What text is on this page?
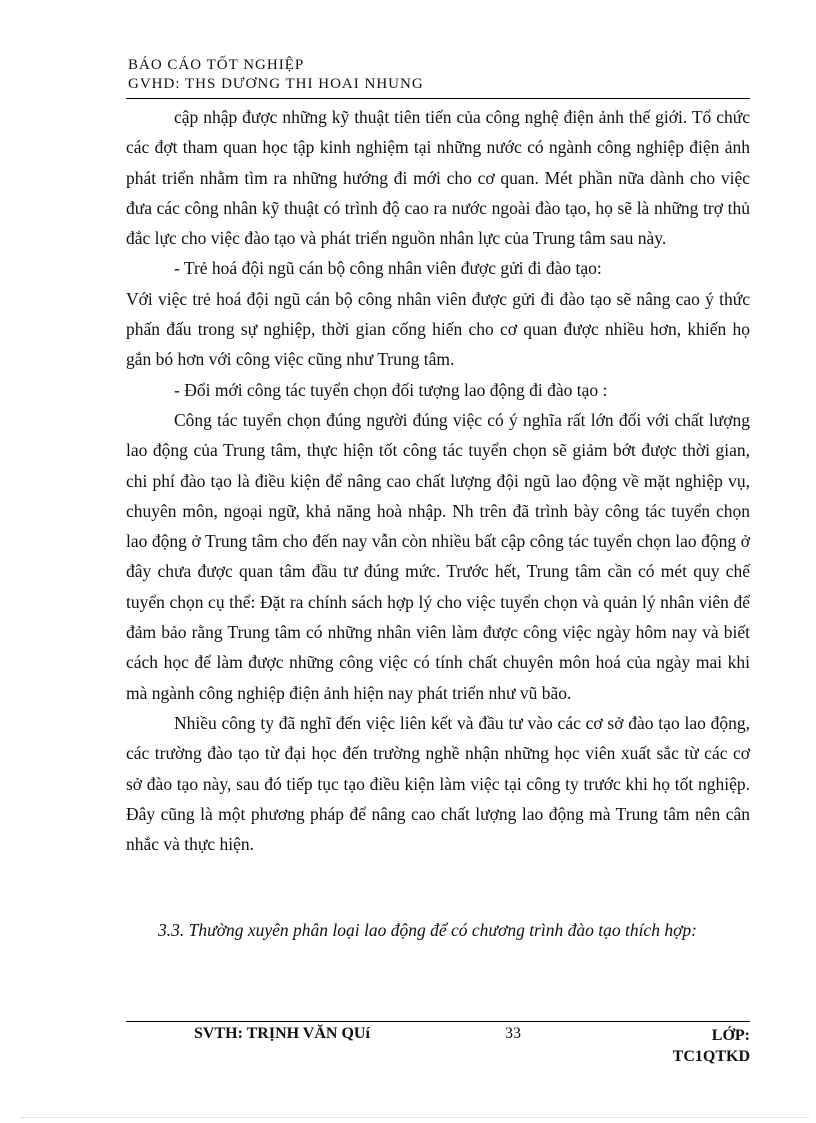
BÁO CÁO TỐT NGHIỆP
GVHD: THS DƯƠNG THI HOAI NHUNG

cập nhập được những kỹ thuật tiên tiến của công nghệ điện ảnh thế giới. Tổ chức các đợt tham quan học tập kinh nghiệm tại những nước có ngành công nghiệp điện ảnh phát triển nhằm tìm ra những hướng đi mới cho cơ quan. Mét phần nữa dành cho việc đưa các công nhân kỹ thuật có trình độ cao ra nước ngoài đào tạo, họ sẽ là những trợ thủ đắc lực cho việc đào tạo và phát triển nguồn nhân lực của Trung tâm sau này.

- Trẻ hoá đội ngũ cán bộ công nhân viên được gửi đi đào tạo:

Với việc trẻ hoá đội ngũ cán bộ công nhân viên được gửi đi đào tạo sẽ nâng cao ý thức phấn đấu trong sự nghiệp, thời gian cống hiến cho cơ quan được nhiều hơn, khiến họ gắn bó hơn với công việc cũng như Trung tâm.

- Đổi mới công tác tuyển chọn đối tượng lao động đi đào tạo :

Công tác tuyển chọn đúng người đúng việc có ý nghĩa rất lớn đối với chất lượng lao động của Trung tâm, thực hiện tốt công tác tuyển chọn sẽ giảm bớt được thời gian, chi phí đào tạo là điều kiện để nâng cao chất lượng đội ngũ lao động về mặt nghiệp vụ, chuyên môn, ngoại ngữ, khả năng hoà nhập. Nh trên đã trình bày công tác tuyển chọn lao động ở Trung tâm cho đến nay vẫn còn nhiều bất cập công tác tuyển chọn lao động ở đây chưa được quan tâm đầu tư đúng mức. Trước hết, Trung tâm cần có mét quy chế tuyển chọn cụ thể: Đặt ra chính sách hợp lý cho việc tuyển chọn và quản lý nhân viên để đảm bảo rằng Trung tâm có những nhân viên làm được công việc ngày hôm nay và biết cách học để làm được những công việc có tính chất chuyên môn hoá của ngày mai khi mà ngành công nghiệp điện ảnh hiện nay phát triển như vũ bão.

Nhiều công ty đã nghĩ đến việc liên kết và đầu tư vào các cơ sở đào tạo lao động, các trường đào tạo từ đại học đến trường nghề nhận những học viên xuất sắc từ các cơ sở đào tạo này, sau đó tiếp tục tạo điều kiện làm việc tại công ty trước khi họ tốt nghiệp. Đây cũng là một phương pháp để nâng cao chất lượng lao động mà Trung tâm nên cân nhắc và thực hiện.

3.3. Thường xuyên phân loại lao động để có chương trình đào tạo thích hợp:
SVTH: TRỊNH VĂN QUí	33	LỚP:
TC1QTKD
